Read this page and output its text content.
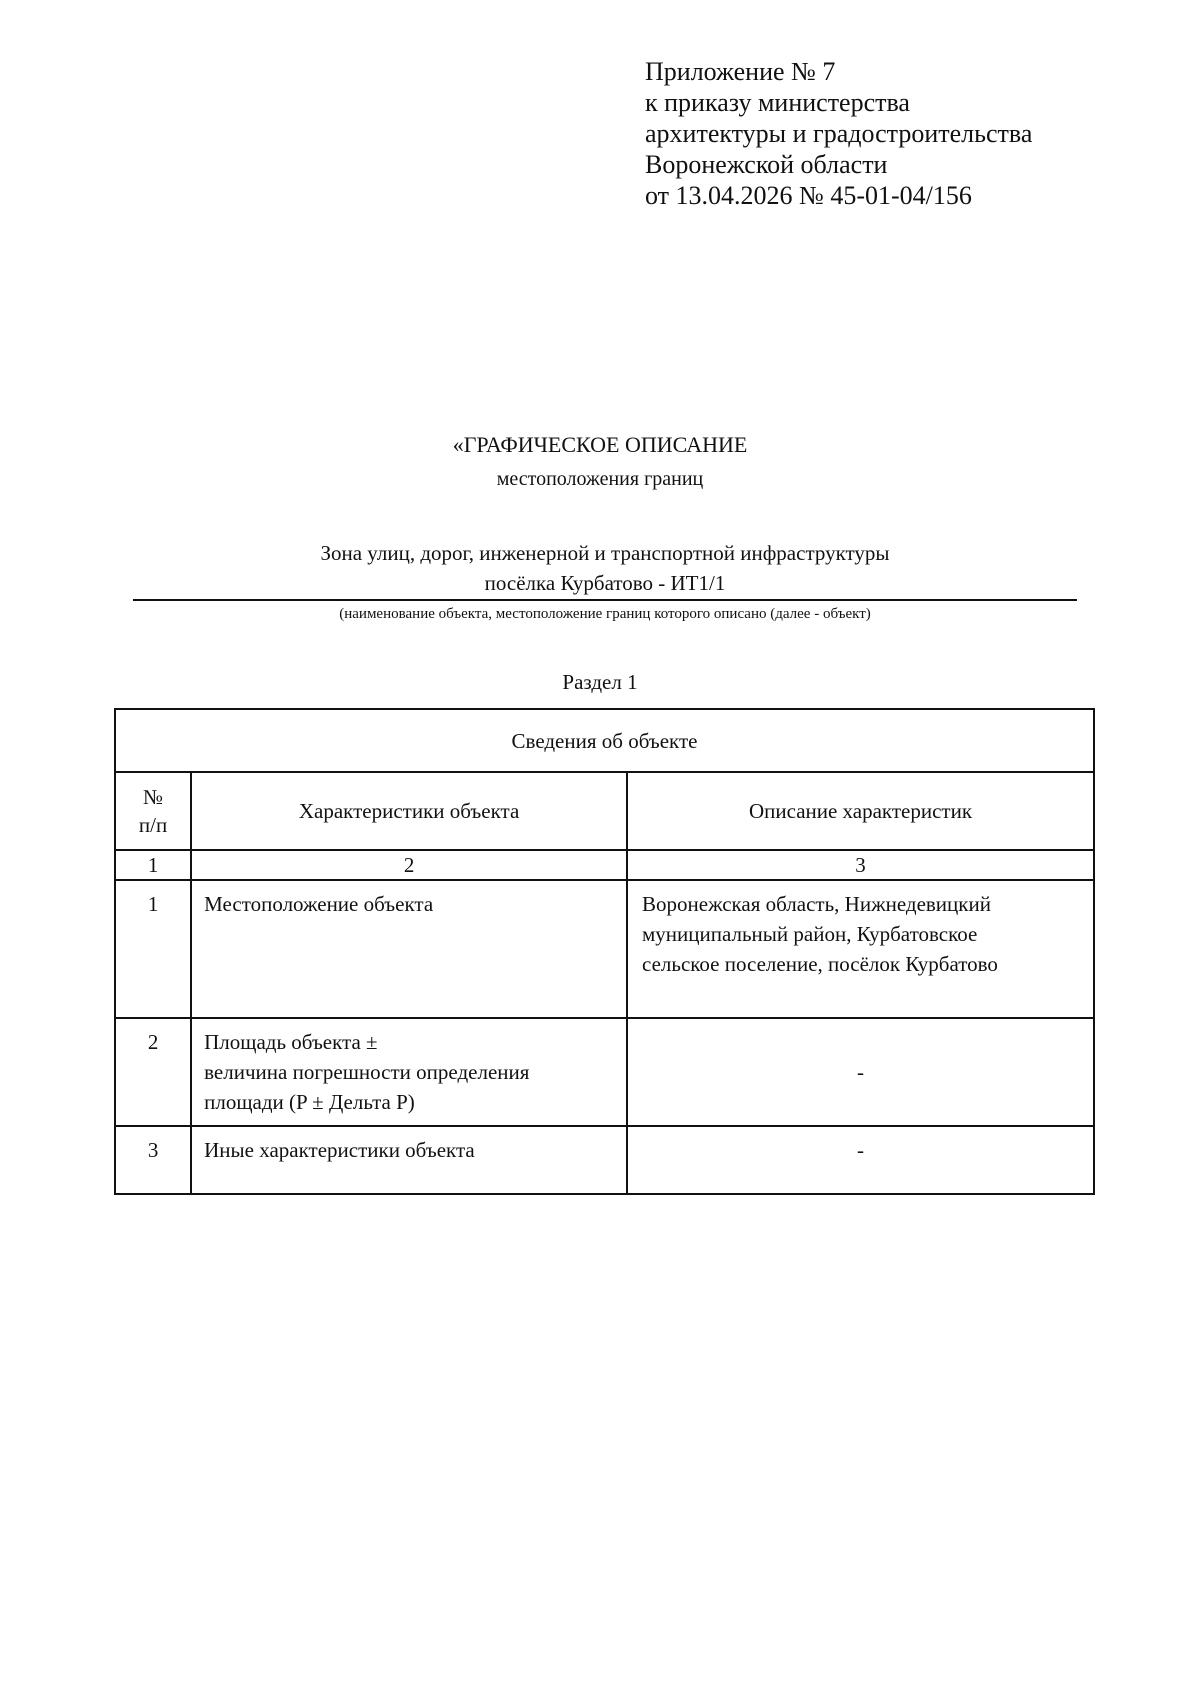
Приложение № 7
к приказу министерства
архитектуры и градостроительства
Воронежской области
от 13.04.2026 № 45-01-04/156
«ГРАФИЧЕСКОЕ ОПИСАНИЕ
местоположения границ
Зона улиц, дорог, инженерной и транспортной инфраструктуры
посёлка Курбатово - ИТ1/1
(наименование объекта, местоположение границ которого описано (далее - объект)
Раздел 1
Сведения об объекте		

№
п/п	Характеристики объекта	Описание характеристик
1	2	3
1	Местоположение объекта	Воронежская область, Нижнедевицкий
муниципальный район, Курбатовское
сельское поселение, посёлок Курбатово

2	Площадь объекта ±
величина погрешности определения
площади (P ± Дельта P)	-
3	Иные характеристики объекта	-
